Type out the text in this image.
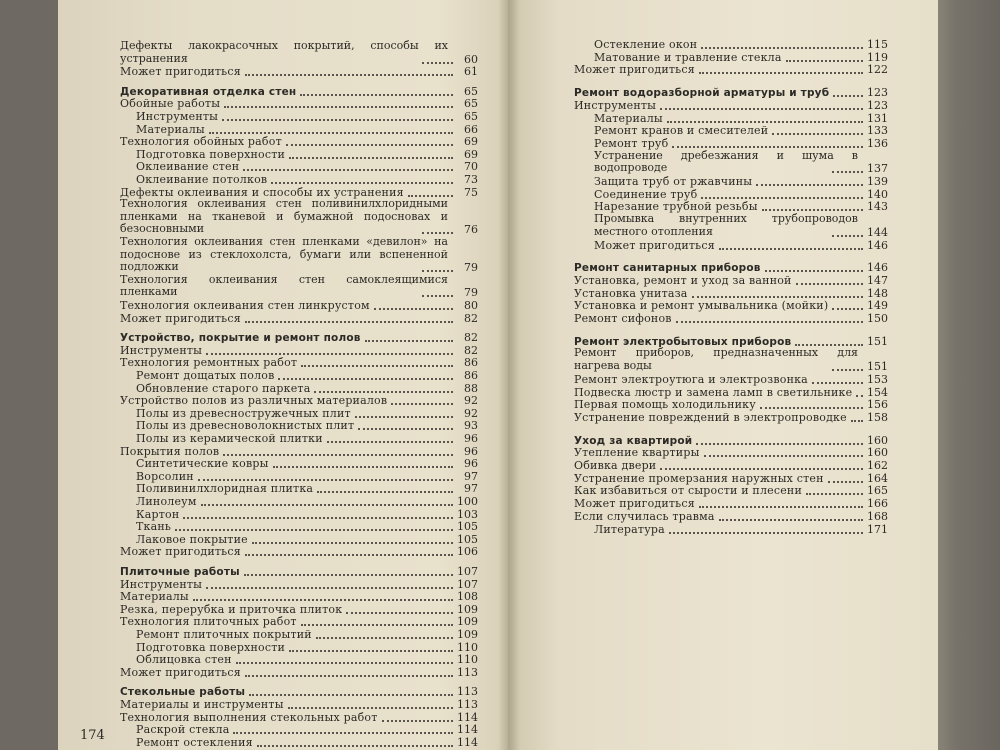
Дефекты лакокрасочных покрытий, способы их устранения	60
Может пригодиться	61
Декоративная отделка стен	65
Обойные работы	65
Инструменты	65
Материалы	66
Технология обойных работ	69
Подготовка поверхности	69
Оклеивание стен	70
Оклеивание потолков	73
Дефекты оклеивания и способы их устранения	75
Технология оклеивания стен поливинилхлоридными пленками на тканевой и бумажной подосновах и безосновными	76
Технология оклеивания стен пленками «девилон» на подоснове из стеклохолста, бумаги или вспененной подложки	79
Технология оклеивания стен самоклеящимися пленками	79
Технология оклеивания стен линкрустом	80
Может пригодиться	82
Устройство, покрытие и ремонт полов	82
Инструменты	82
Технология ремонтных работ	86
Ремонт дощатых полов	86
Обновление старого паркета	88
Устройство полов из различных материалов	92
Полы из древесностружечных плит	92
Полы из древесноволокнистых плит	93
Полы из керамической плитки	96
Покрытия полов	96
Синтетические ковры	96
Ворсолин	97
Поливинилхлоридная плитка	97
Линолеум	100
Картон	103
Ткань	105
Лаковое покрытие	105
Может пригодиться	106
Плиточные работы	107
Инструменты	107
Материалы	108
Резка, перерубка и приточка плиток	109
Технология плиточных работ	109
Ремонт плиточных покрытий	109
Подготовка поверхности	110
Облицовка стен	110
Может пригодиться	113
Стекольные работы	113
Материалы и инструменты	113
Технология выполнения стекольных работ	114
Раскрой стекла	114
Ремонт остекления	114
174
Остекление окон	115
Матование и травление стекла	119
Может пригодиться	122
Ремонт водоразборной арматуры и труб	123
Инструменты	123
Материалы	131
Ремонт кранов и смесителей	133
Ремонт труб	136
Устранение дребезжания и шума в водопроводе	137
Защита труб от ржавчины	139
Соединение труб	140
Нарезание трубной резьбы	143
Промывка внутренних трубопроводов местного отопления	144
Может пригодиться	146
Ремонт санитарных приборов	146
Установка, ремонт и уход за ванной	147
Установка унитаза	148
Установка и ремонт умывальника (мойки)	149
Ремонт сифонов	150
Ремонт электробытовых приборов	151
Ремонт приборов, предназначенных для нагрева воды	151
Ремонт электроутюга и электрозвонка	153
Подвеска люстр и замена ламп в светильнике 154
Первая помощь холодильнику	156
Устранение повреждений в электропроводке 158
Уход за квартирой	160
Утепление квартиры	160
Обивка двери	162
Устранение промерзания наружных стен	164
Как избавиться от сырости и плесени	165
Может пригодиться	166
Если случилась травма	168
Литература	171
